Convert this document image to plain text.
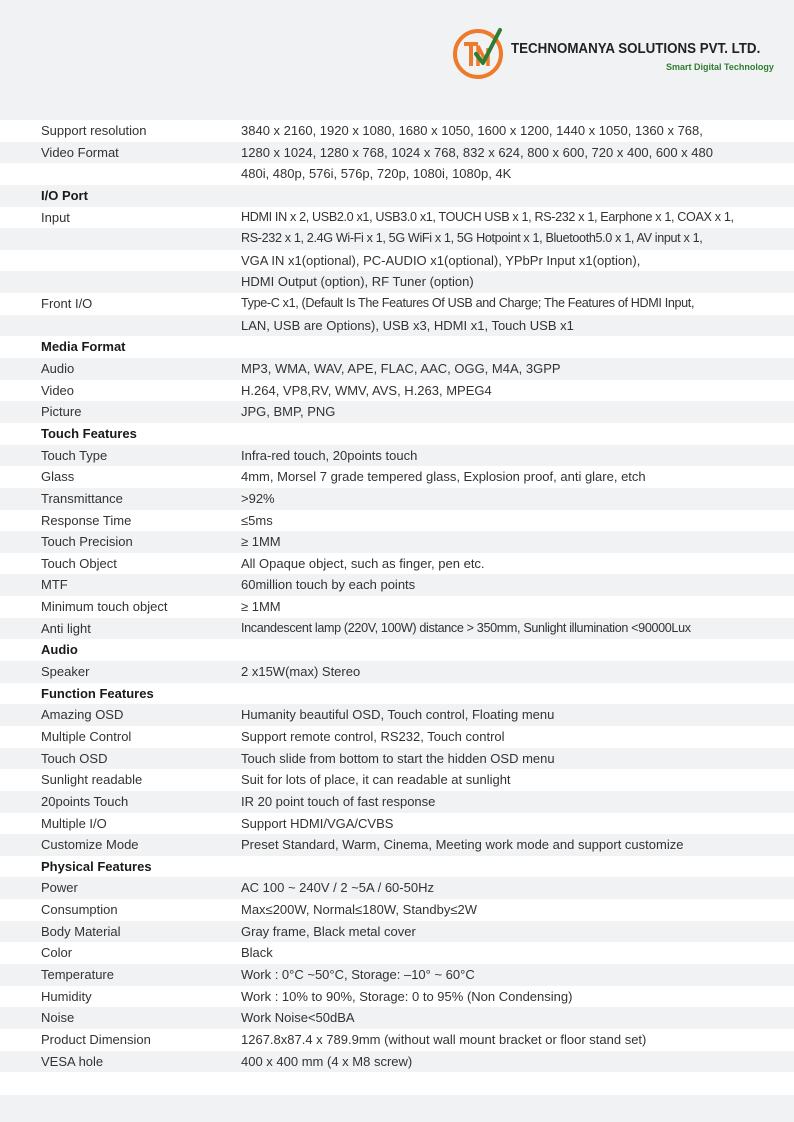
TECHNOMANYA SOLUTIONS PVT. LTD.
Smart Digital Technology
Support resolution	3840 x 2160, 1920 x 1080, 1680 x 1050, 1600 x 1200, 1440 x 1050, 1360 x 768,
Video Format	1280 x 1024, 1280 x 768, 1024 x 768, 832 x 624, 800 x 600, 720 x 400, 600 x 480
480i, 480p, 576i, 576p, 720p, 1080i, 1080p, 4K
I/O Port
Input	HDMI IN x 2, USB2.0 x1, USB3.0 x1, TOUCH USB x 1, RS-232 x 1, Earphone x 1, COAX x 1,
RS-232 x 1, 2.4G Wi-Fi x 1, 5G WiFi x 1, 5G Hotpoint x 1, Bluetooth5.0 x 1, AV input x 1,
VGA IN x1(optional), PC-AUDIO x1(optional), YPbPr Input x1(option),
HDMI Output (option), RF Tuner (option)
Front I/O	Type-C x1, (Default Is The Features Of USB and Charge; The Features of HDMI Input,
LAN, USB are Options), USB x3, HDMI x1, Touch USB x1
Media Format
Audio	MP3, WMA, WAV, APE, FLAC, AAC, OGG, M4A, 3GPP
Video	H.264, VP8,RV, WMV, AVS, H.263, MPEG4
Picture	JPG, BMP, PNG
Touch Features
Touch Type	Infra-red touch, 20points touch
Glass	4mm, Morsel 7 grade tempered glass, Explosion proof, anti glare, etch
Transmittance	>92%
Response Time	≤5ms
Touch Precision	≥ 1MM
Touch Object	All Opaque object, such as finger, pen etc.
MTF	60million touch by each points
Minimum touch object	≥ 1MM
Anti light	Incandescent lamp (220V, 100W) distance > 350mm, Sunlight illumination <90000Lux
Audio
Speaker	2 x15W(max) Stereo
Function Features
Amazing OSD	Humanity beautiful OSD, Touch control, Floating menu
Multiple Control	Support remote control, RS232, Touch control
Touch OSD	Touch slide from bottom to start the hidden OSD menu
Sunlight readable	Suit for lots of place, it can readable at sunlight
20points Touch	IR 20 point touch of fast response
Multiple I/O	Support HDMI/VGA/CVBS
Customize Mode	Preset Standard, Warm, Cinema, Meeting work mode and support customize
Physical Features
Power	AC 100 ~ 240V / 2 ~5A / 60-50Hz
Consumption	Max≤200W, Normal≤180W, Standby≤2W
Body Material	Gray frame, Black metal cover
Color	Black
Temperature	Work : 0°C ~50°C, Storage: –10° ~ 60°C
Humidity	Work : 10% to 90%, Storage: 0 to 95% (Non Condensing)
Noise	Work Noise<50dBA
Product Dimension	1267.8x87.4 x 789.9mm (without wall mount bracket or floor stand set)
VESA hole	400 x 400 mm (4 x M8 screw)
